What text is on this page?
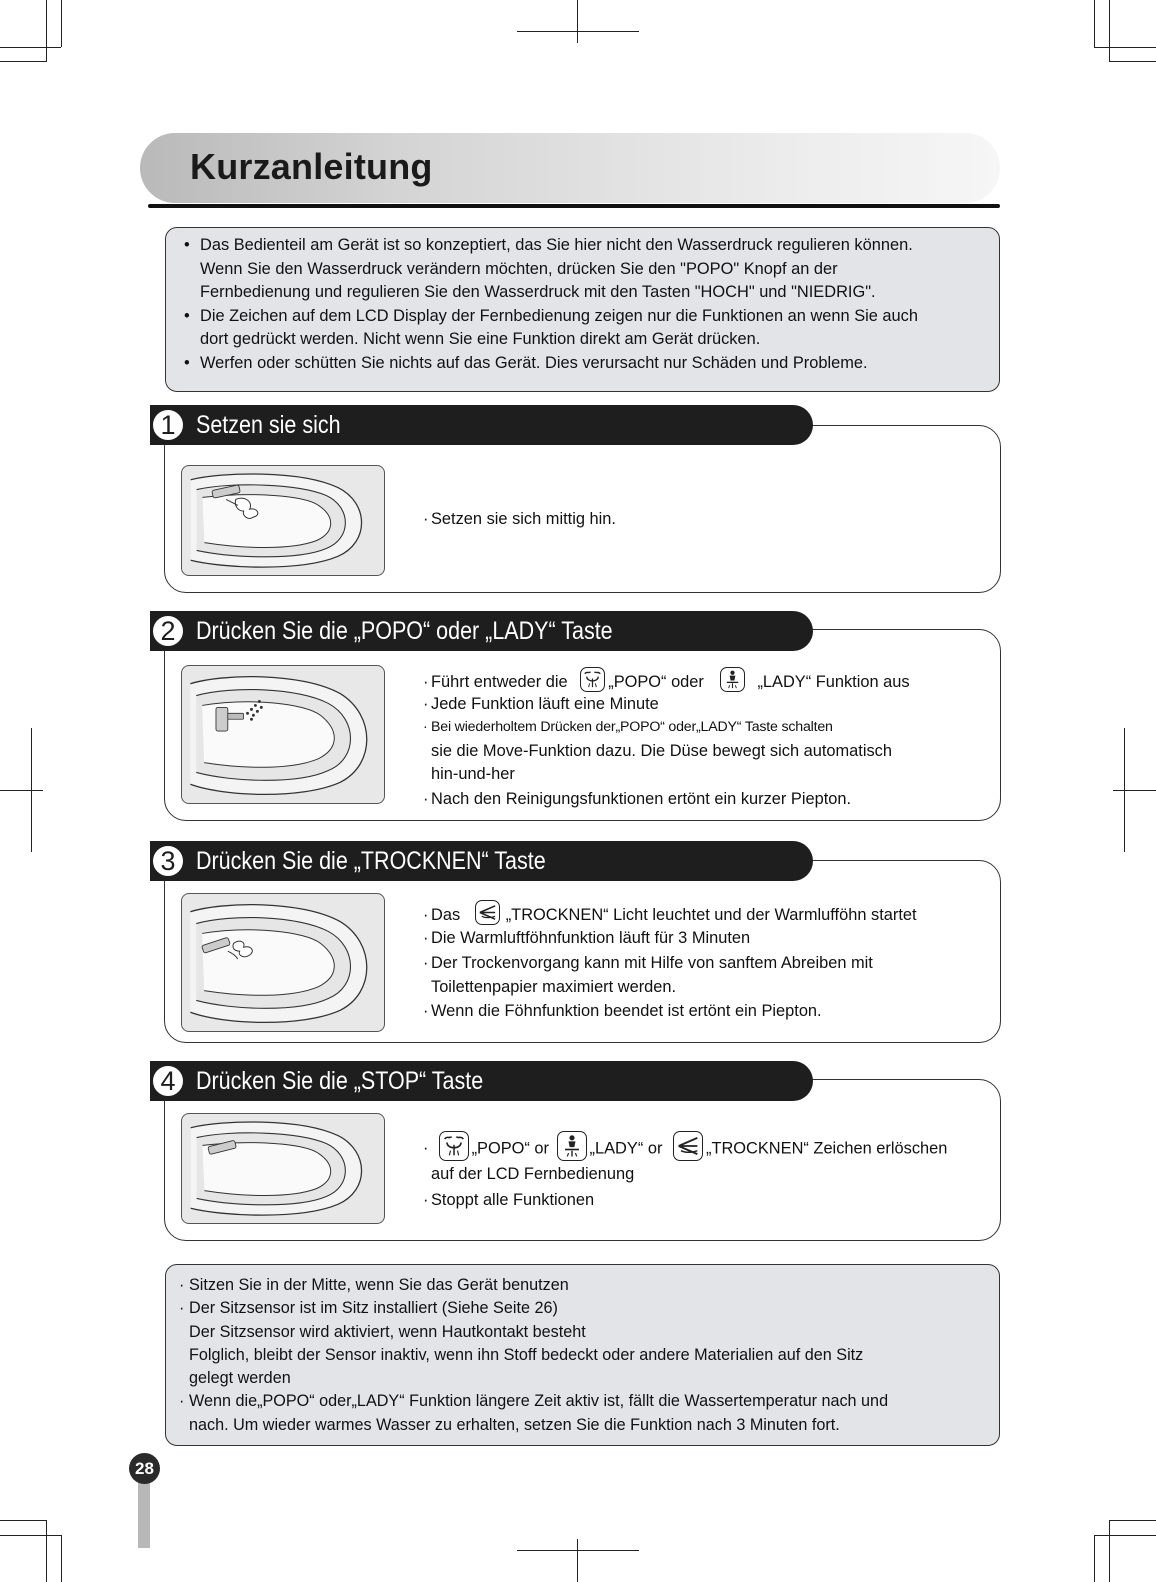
Kurzanleitung
• Das Bedienteil am Gerät ist so konzeptiert, das Sie hier nicht den Wasserdruck regulieren können.
Wenn Sie den Wasserdruck verändern möchten, drücken Sie den "POPO" Knopf an der
Fernbedienung und regulieren Sie den Wasserdruck mit den Tasten "HOCH" und "NIEDRIG".
• Die Zeichen auf dem LCD Display der Fernbedienung zeigen nur die Funktionen an wenn Sie auch
dort gedrückt werden. Nicht wenn Sie eine Funktion direkt am Gerät drücken.
• Werfen oder schütten Sie nichts auf das Gerät. Dies verursacht nur Schäden und Probleme.
1 Setzen sie sich
· Setzen sie sich mittig hin.
2 Drücken Sie die „POPO“ oder „LADY“ Taste
· Führt entweder die „POPO“ oder	„LADY“ Funktion aus
· Jede Funktion läuft eine Minute
· Bei wiederholtem Drücken der„POPO“ oder„LADY“ Taste schalten
sie die Move-Funktion dazu. Die Düse bewegt sich automatisch
hin-und-her
· Nach den Reinigungsfunktionen ertönt ein kurzer Piepton.
3 Drücken Sie die „TROCKNEN“ Taste
· Das	„TROCKNEN“ Licht leuchtet und der Warmlufföhn startet
· Die Warmluftföhnfunktion läuft für 3 Minuten
· Der Trockenvorgang kann mit Hilfe von sanftem Abreiben mit
Toilettenpapier maximiert werden.
· Wenn die Föhnfunktion beendet ist ertönt ein Piepton.
4 Drücken Sie die „STOP“ Taste
·	„POPO“ or „LADY“ or	„TROCKNEN“ Zeichen erlöschen
auf der LCD Fernbedienung
· Stoppt alle Funktionen
· Sitzen Sie in der Mitte, wenn Sie das Gerät benutzen
· Der Sitzsensor ist im Sitz installiert (Siehe Seite 26)
Der Sitzsensor wird aktiviert, wenn Hautkontakt besteht
Folglich, bleibt der Sensor inaktiv, wenn ihn Stoff bedeckt oder andere Materialien auf den Sitz
gelegt werden
· Wenn die„POPO“ oder„LADY“ Funktion längere Zeit aktiv ist, fällt die Wassertemperatur nach und
nach. Um wieder warmes Wasser zu erhalten, setzen Sie die Funktion nach 3 Minuten fort.
28
